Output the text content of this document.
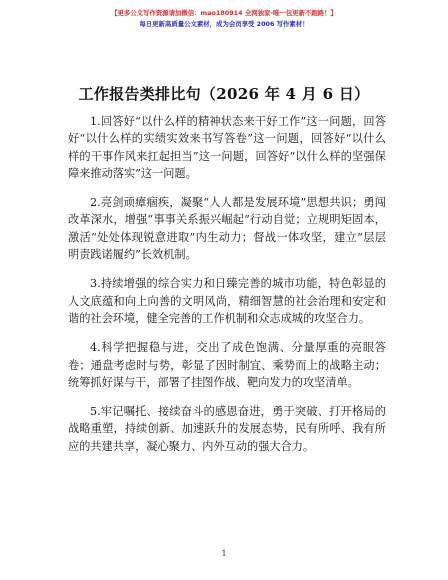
【更多公文写作资源请加微信：mao180914 全网独家-唯一包更新不跑路！】
每日更新高质量公文素材，成为会员享受 2006 写作素材！
工作报告类排比句（2026 年 4 月 6 日）

1.回答好“以什么样的精神状态来干好工作”这一问题，回答好“以什么样的实绩实效来书写答卷”这一问题，回答好“以什么样的干事作风来扛起担当”这一问题，回答好“以什么样的坚强保障来推动落实”这一问题。

2.亮剑顽瘴痼疾，凝聚“人人都是发展环境”思想共识；勇闯改革深水，增强“事事关系振兴崛起”行动自觉；立规明矩固本，激活“处处体现锐意进取”内生动力；督战一体攻坚，建立“层层明责践诺履约”长效机制。

3.持续增强的综合实力和日臻完善的城市功能，特色彰显的人文底蕴和向上向善的文明风尚，精细智慧的社会治理和安定和谐的社会环境，健全完善的工作机制和众志成城的攻坚合力。

4.科学把握稳与进，交出了成色饱满、分量厚重的亮眼答卷；通盘考虑时与势，彰显了因时制宜、乘势而上的战略主动；统筹抓好谋与干，部署了挂图作战、靶向发力的攻坚清单。

5.牢记嘱托、接续奋斗的感恩奋进，勇于突破、打开格局的战略重塑，持续创新、加速跃升的发展态势，民有所呼、我有所应的共建共享，凝心聚力、内外互动的强大合力。

1
